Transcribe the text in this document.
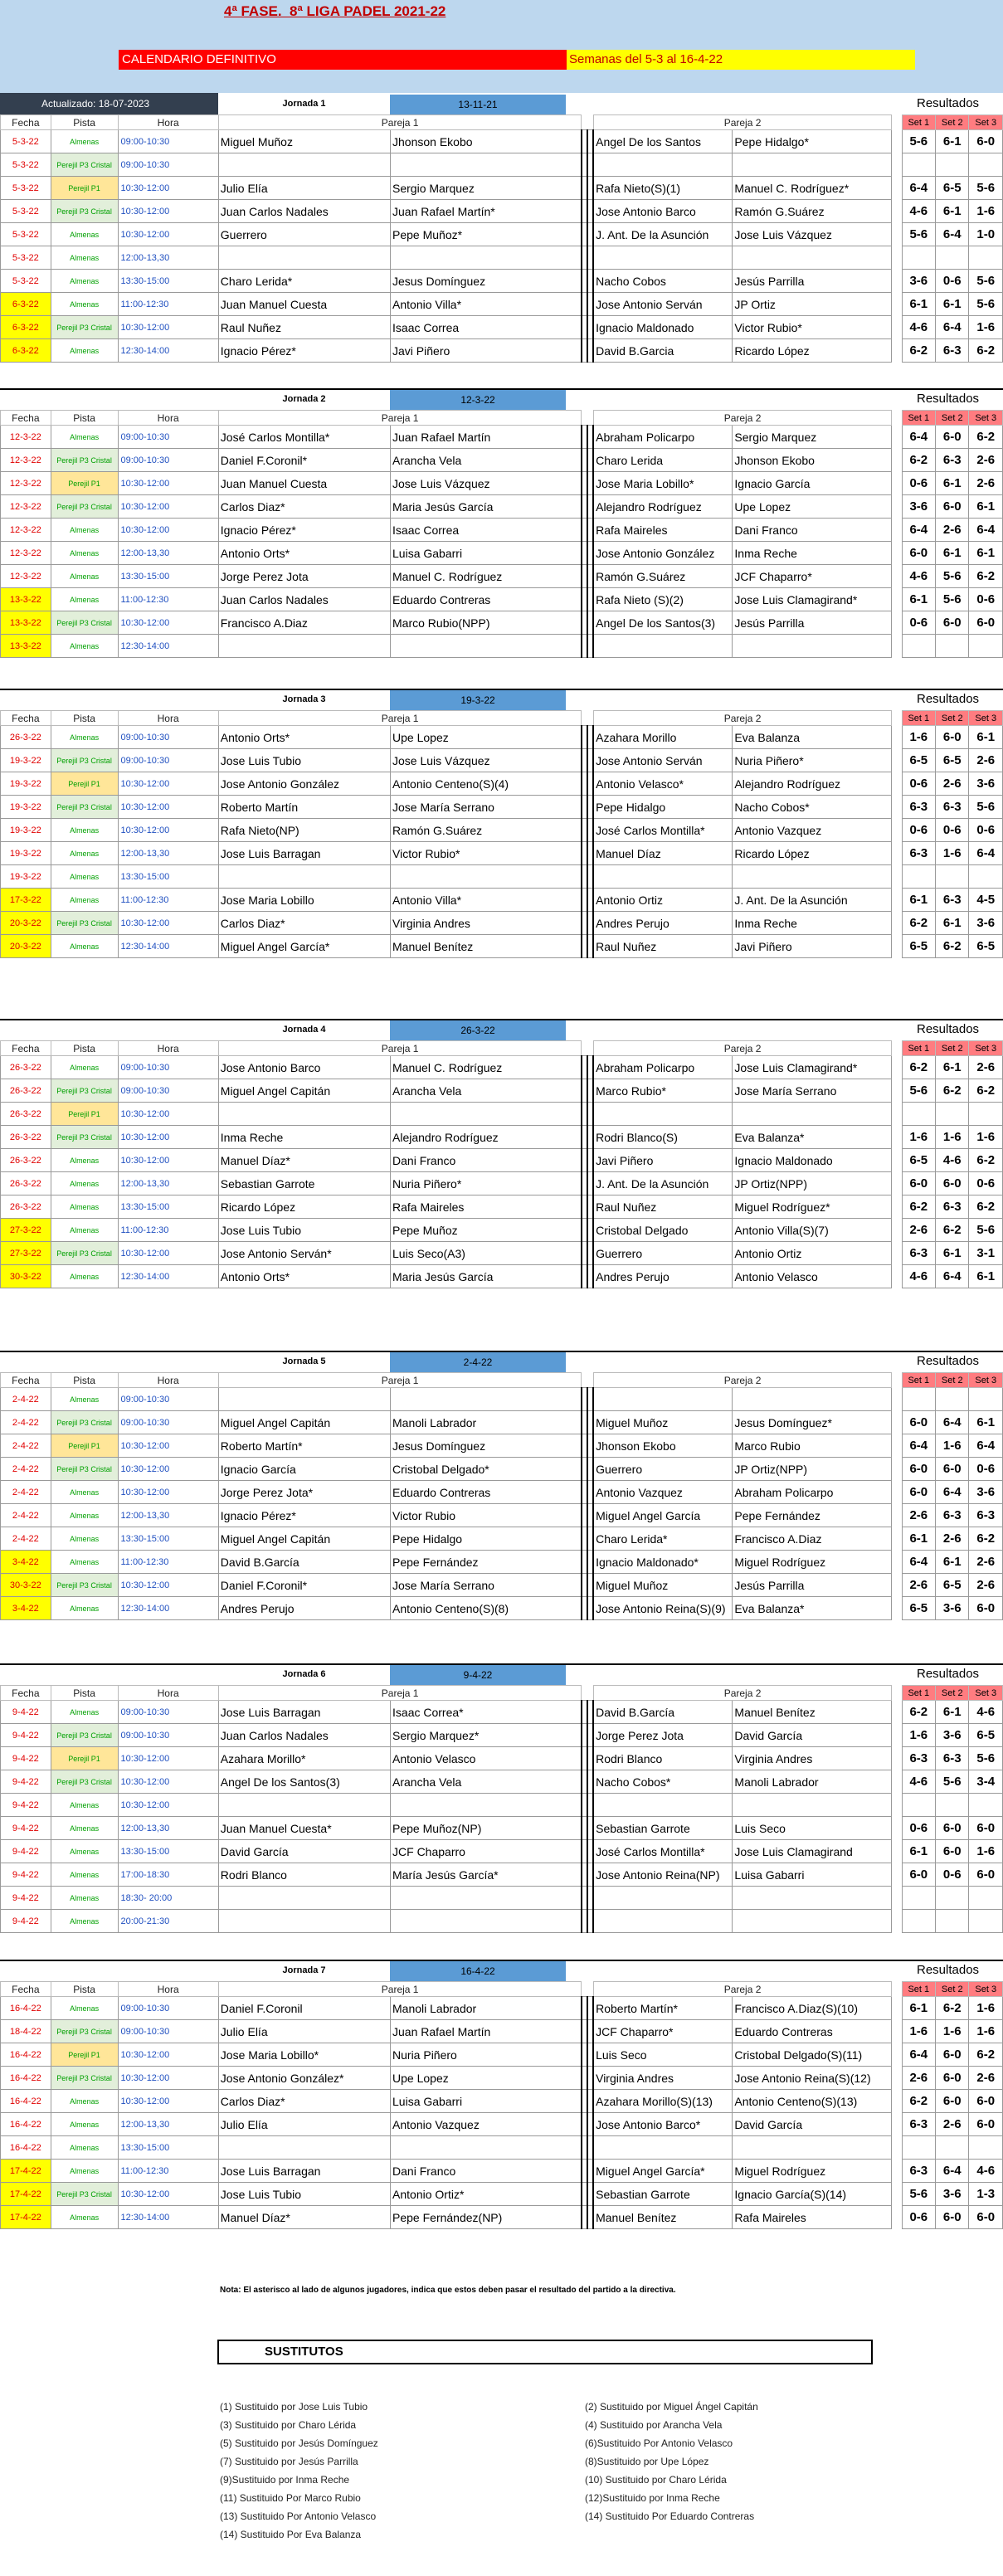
4ª FASE.  8ª LIGA PADEL 2021-22
CALENDARIO DEFINITIVO	Semanas del 5-3 al 16-4-22
Actualizado: 18-07-2023	Jornada 1	13-11-21	Resultados
Fecha	Pista	Hora	Pareja 1				Pareja 2			Set 1	Set 2	Set 3
5-3-22	Almenas	09:00-10:30	Miguel Muñoz	Jhonson Ekobo			Angel De los Santos	Pepe Hidalgo*		5-6	6-1	6-0
5-3-22	Perejil P3 Cristal	09:00-10:30										
5-3-22	Perejil P1	10:30-12:00	Julio Elía	Sergio Marquez			Rafa Nieto(S)(1)	Manuel C. Rodríguez*		6-4	6-5	5-6
5-3-22	Perejil P3 Cristal	10:30-12:00	Juan Carlos Nadales	Juan Rafael Martín*			Jose Antonio Barco	Ramón G.Suárez		4-6	6-1	1-6
5-3-22	Almenas	10:30-12:00	Guerrero	Pepe Muñoz*			J. Ant. De la Asunción	Jose Luis Vázquez		5-6	6-4	1-0
5-3-22	Almenas	12:00-13,30										
5-3-22	Almenas	13:30-15:00	Charo Lerida*	Jesus Domínguez			Nacho Cobos	Jesús Parrilla		3-6	0-6	5-6
6-3-22	Almenas	11:00-12:30	Juan Manuel Cuesta	Antonio Villa*			Jose Antonio Serván	JP Ortiz		6-1	6-1	5-6
6-3-22	Perejil P3 Cristal	10:30-12:00	Raul Nuñez	Isaac Correa			Ignacio Maldonado	Victor Rubio*		4-6	6-4	1-6
6-3-22	Almenas	12:30-14:00	Ignacio Pérez*	Javi Piñero			David B.Garcia	Ricardo López		6-2	6-3	6-2
Jornada 2	12-3-22	Resultados
Fecha	Pista	Hora	Pareja 1				Pareja 2			Set 1	Set 2	Set 3
12-3-22	Almenas	09:00-10:30	José Carlos Montilla*	Juan Rafael Martín			Abraham Policarpo	Sergio Marquez		6-4	6-0	6-2
12-3-22	Perejil P3 Cristal	09:00-10:30	Daniel F.Coronil*	Arancha Vela			Charo Lerida	Jhonson Ekobo		6-2	6-3	2-6
12-3-22	Perejil P1	10:30-12:00	Juan Manuel Cuesta	Jose Luis Vázquez			Jose Maria Lobillo*	Ignacio García		0-6	6-1	2-6
12-3-22	Perejil P3 Cristal	10:30-12:00	Carlos Diaz*	Maria Jesús García			Alejandro Rodríguez	Upe Lopez		3-6	6-0	6-1
12-3-22	Almenas	10:30-12:00	Ignacio Pérez*	Isaac Correa			Rafa Maireles	Dani Franco		6-4	2-6	6-4
12-3-22	Almenas	12:00-13,30	Antonio Orts*	Luisa Gabarri			Jose Antonio González	Inma Reche		6-0	6-1	6-1
12-3-22	Almenas	13:30-15:00	Jorge Perez Jota	Manuel C. Rodríguez			Ramón G.Suárez	JCF Chaparro*		4-6	5-6	6-2
13-3-22	Almenas	11:00-12:30	Juan Carlos Nadales	Eduardo Contreras			Rafa Nieto (S)(2)	Jose Luis Clamagirand*		6-1	5-6	0-6
13-3-22	Perejil P3 Cristal	10:30-12:00	Francisco A.Diaz	Marco Rubio(NPP)			Angel De los Santos(3)	Jesús Parrilla		0-6	6-0	6-0
13-3-22	Almenas	12:30-14:00										
Jornada 3	19-3-22	Resultados
Fecha	Pista	Hora	Pareja 1				Pareja 2			Set 1	Set 2	Set 3
26-3-22	Almenas	09:00-10:30	Antonio Orts*	Upe Lopez			Azahara Morillo	Eva Balanza		1-6	6-0	6-1
19-3-22	Perejil P3 Cristal	09:00-10:30	Jose Luis Tubio	Jose Luis Vázquez			Jose Antonio Serván	Nuria Piñero*		6-5	6-5	2-6
19-3-22	Perejil P1	10:30-12:00	Jose Antonio González	Antonio Centeno(S)(4)			Antonio Velasco*	Alejandro Rodríguez		0-6	2-6	3-6
19-3-22	Perejil P3 Cristal	10:30-12:00	Roberto Martín	Jose María Serrano			Pepe Hidalgo	Nacho Cobos*		6-3	6-3	5-6
19-3-22	Almenas	10:30-12:00	Rafa Nieto(NP)	Ramón G.Suárez			José Carlos Montilla*	Antonio Vazquez		0-6	0-6	0-6
19-3-22	Almenas	12:00-13,30	Jose Luis Barragan	Victor Rubio*			Manuel Díaz	Ricardo López		6-3	1-6	6-4
19-3-22	Almenas	13:30-15:00										
17-3-22	Almenas	11:00-12:30	Jose Maria Lobillo	Antonio Villa*			Antonio Ortiz	J. Ant. De la Asunción		6-1	6-3	4-5
20-3-22	Perejil P3 Cristal	10:30-12:00	Carlos Diaz*	Virginia Andres			Andres Perujo	Inma Reche		6-2	6-1	3-6
20-3-22	Almenas	12:30-14:00	Miguel Angel García*	Manuel Benítez			Raul Nuñez	Javi Piñero		6-5	6-2	6-5
Jornada 4	26-3-22	Resultados
Fecha	Pista	Hora	Pareja 1				Pareja 2			Set 1	Set 2	Set 3
26-3-22	Almenas	09:00-10:30	Jose Antonio Barco	Manuel C. Rodríguez			Abraham Policarpo	Jose Luis Clamagirand*		6-2	6-1	2-6
26-3-22	Perejil P3 Cristal	09:00-10:30	Miguel Angel Capitán	Arancha Vela			Marco Rubio*	Jose María Serrano		5-6	6-2	6-2
26-3-22	Perejil P1	10:30-12:00										
26-3-22	Perejil P3 Cristal	10:30-12:00	Inma Reche	Alejandro Rodríguez			Rodri Blanco(S)	Eva Balanza*		1-6	1-6	1-6
26-3-22	Almenas	10:30-12:00	Manuel Díaz*	Dani Franco			Javi Piñero	Ignacio Maldonado		6-5	4-6	6-2
26-3-22	Almenas	12:00-13,30	Sebastian Garrote	Nuria Piñero*			J. Ant. De la Asunción	JP Ortiz(NPP)		6-0	6-0	0-6
26-3-22	Almenas	13:30-15:00	Ricardo López	Rafa Maireles			Raul Nuñez	Miguel Rodríguez*		6-2	6-3	6-2
27-3-22	Almenas	11:00-12:30	Jose Luis Tubio	Pepe Muñoz			Cristobal Delgado	Antonio Villa(S)(7)		2-6	6-2	5-6
27-3-22	Perejil P3 Cristal	10:30-12:00	Jose Antonio Serván*	Luis Seco(A3)			Guerrero	Antonio Ortiz		6-3	6-1	3-1
30-3-22	Almenas	12:30-14:00	Antonio Orts*	Maria Jesús García			Andres Perujo	Antonio Velasco		4-6	6-4	6-1
Jornada 5	2-4-22	Resultados
Fecha	Pista	Hora	Pareja 1				Pareja 2			Set 1	Set 2	Set 3
2-4-22	Almenas	09:00-10:30										
2-4-22	Perejil P3 Cristal	09:00-10:30	Miguel Angel Capitán	Manoli Labrador			Miguel Muñoz	Jesus Domínguez*		6-0	6-4	6-1
2-4-22	Perejil P1	10:30-12:00	Roberto Martín*	Jesus Domínguez			Jhonson Ekobo	Marco Rubio		6-4	1-6	6-4
2-4-22	Perejil P3 Cristal	10:30-12:00	Ignacio García	Cristobal Delgado*			Guerrero	JP Ortiz(NPP)		6-0	6-0	0-6
2-4-22	Almenas	10:30-12:00	Jorge Perez Jota*	Eduardo Contreras			Antonio Vazquez	Abraham Policarpo		6-0	6-4	3-6
2-4-22	Almenas	12:00-13,30	Ignacio Pérez*	Victor Rubio			Miguel Angel García	Pepe Fernández		2-6	6-3	6-3
2-4-22	Almenas	13:30-15:00	Miguel Angel Capitán	Pepe Hidalgo			Charo Lerida*	Francisco A.Diaz		6-1	2-6	6-2
3-4-22	Almenas	11:00-12:30	David B.García	Pepe Fernández			Ignacio Maldonado*	Miguel Rodríguez		6-4	6-1	2-6
30-3-22	Perejil P3 Cristal	10:30-12:00	Daniel F.Coronil*	Jose María Serrano			Miguel Muñoz	Jesús Parrilla		2-6	6-5	2-6
3-4-22	Almenas	12:30-14:00	Andres Perujo	Antonio Centeno(S)(8)			Jose Antonio Reina(S)(9)	Eva Balanza*		6-5	3-6	6-0
Jornada 6	9-4-22	Resultados
Fecha	Pista	Hora	Pareja 1				Pareja 2			Set 1	Set 2	Set 3
9-4-22	Almenas	09:00-10:30	Jose Luis Barragan	Isaac Correa*			David B.García	Manuel Benítez		6-2	6-1	4-6
9-4-22	Perejil P3 Cristal	09:00-10:30	Juan Carlos Nadales	Sergio Marquez*			Jorge Perez Jota	David García		1-6	3-6	6-5
9-4-22	Perejil P1	10:30-12:00	Azahara Morillo*	Antonio Velasco			Rodri Blanco	Virginia Andres		6-3	6-3	5-6
9-4-22	Perejil P3 Cristal	10:30-12:00	Angel De los Santos(3)	Arancha Vela			Nacho Cobos*	Manoli Labrador		4-6	5-6	3-4
9-4-22	Almenas	10:30-12:00										
9-4-22	Almenas	12:00-13,30	Juan Manuel Cuesta*	Pepe Muñoz(NP)			Sebastian Garrote	Luis Seco		0-6	6-0	6-0
9-4-22	Almenas	13:30-15:00	David García	JCF Chaparro			José Carlos Montilla*	Jose Luis Clamagirand		6-1	6-0	1-6
9-4-22	Almenas	17:00-18:30	Rodri Blanco	María Jesús García*			Jose Antonio Reina(NP)	Luisa Gabarri		6-0	0-6	6-0
9-4-22	Almenas	18:30- 20:00										
9-4-22	Almenas	20:00-21:30										
Jornada 7	16-4-22	Resultados
Fecha	Pista	Hora	Pareja 1				Pareja 2			Set 1	Set 2	Set 3
16-4-22	Almenas	09:00-10:30	Daniel F.Coronil	Manoli Labrador			Roberto Martín*	Francisco A.Diaz(S)(10)		6-1	6-2	1-6
18-4-22	Perejil P3 Cristal	09:00-10:30	Julio Elía	Juan Rafael Martín			JCF Chaparro*	Eduardo Contreras		1-6	1-6	1-6
16-4-22	Perejil P1	10:30-12:00	Jose Maria Lobillo*	Nuria Piñero			Luis Seco	Cristobal Delgado(S)(11)		6-4	6-0	6-2
16-4-22	Perejil P3 Cristal	10:30-12:00	Jose Antonio González*	Upe Lopez			Virginia Andres	Jose Antonio Reina(S)(12)		2-6	6-0	2-6
16-4-22	Almenas	10:30-12:00	Carlos Diaz*	Luisa Gabarri			Azahara Morillo(S)(13)	Antonio Centeno(S)(13)		6-2	6-0	6-0
16-4-22	Almenas	12:00-13,30	Julio Elía	Antonio Vazquez			Jose Antonio Barco*	David García		6-3	2-6	6-0
16-4-22	Almenas	13:30-15:00										
17-4-22	Almenas	11:00-12:30	Jose Luis Barragan	Dani Franco			Miguel Angel García*	Miguel Rodríguez		6-3	6-4	4-6
17-4-22	Perejil P3 Cristal	10:30-12:00	Jose Luis Tubio	Antonio Ortiz*			Sebastian Garrote	Ignacio García(S)(14)		5-6	3-6	1-3
17-4-22	Almenas	12:30-14:00	Manuel Díaz*	Pepe Fernández(NP)			Manuel Benítez	Rafa Maireles		0-6	6-0	6-0
Nota: El asterisco al lado de algunos jugadores, indica que estos deben pasar el resultado del partido a la directiva.
SUSTITUTOS
(1) Sustituido por Jose Luis Tubio	(2) Sustituido por Miguel Ángel Capitán(3) Sustituido por Charo Lérida	(4) Sustituido por Arancha Vela(5) Sustituido por Jesús Domínguez	(6)Sustituido Por Antonio Velasco(7) Sustituido por Jesús Parrilla	(8)Sustituido por Upe López(9)Sustituido por Inma Reche	(10) Sustituido por Charo Lérida(11) Sustituido Por Marco Rubio	(12)Sustituido por Inma Reche(13) Sustituido Por Antonio Velasco	(14) Sustituido Por Eduardo Contreras(14) Sustituido Por Eva Balanza
